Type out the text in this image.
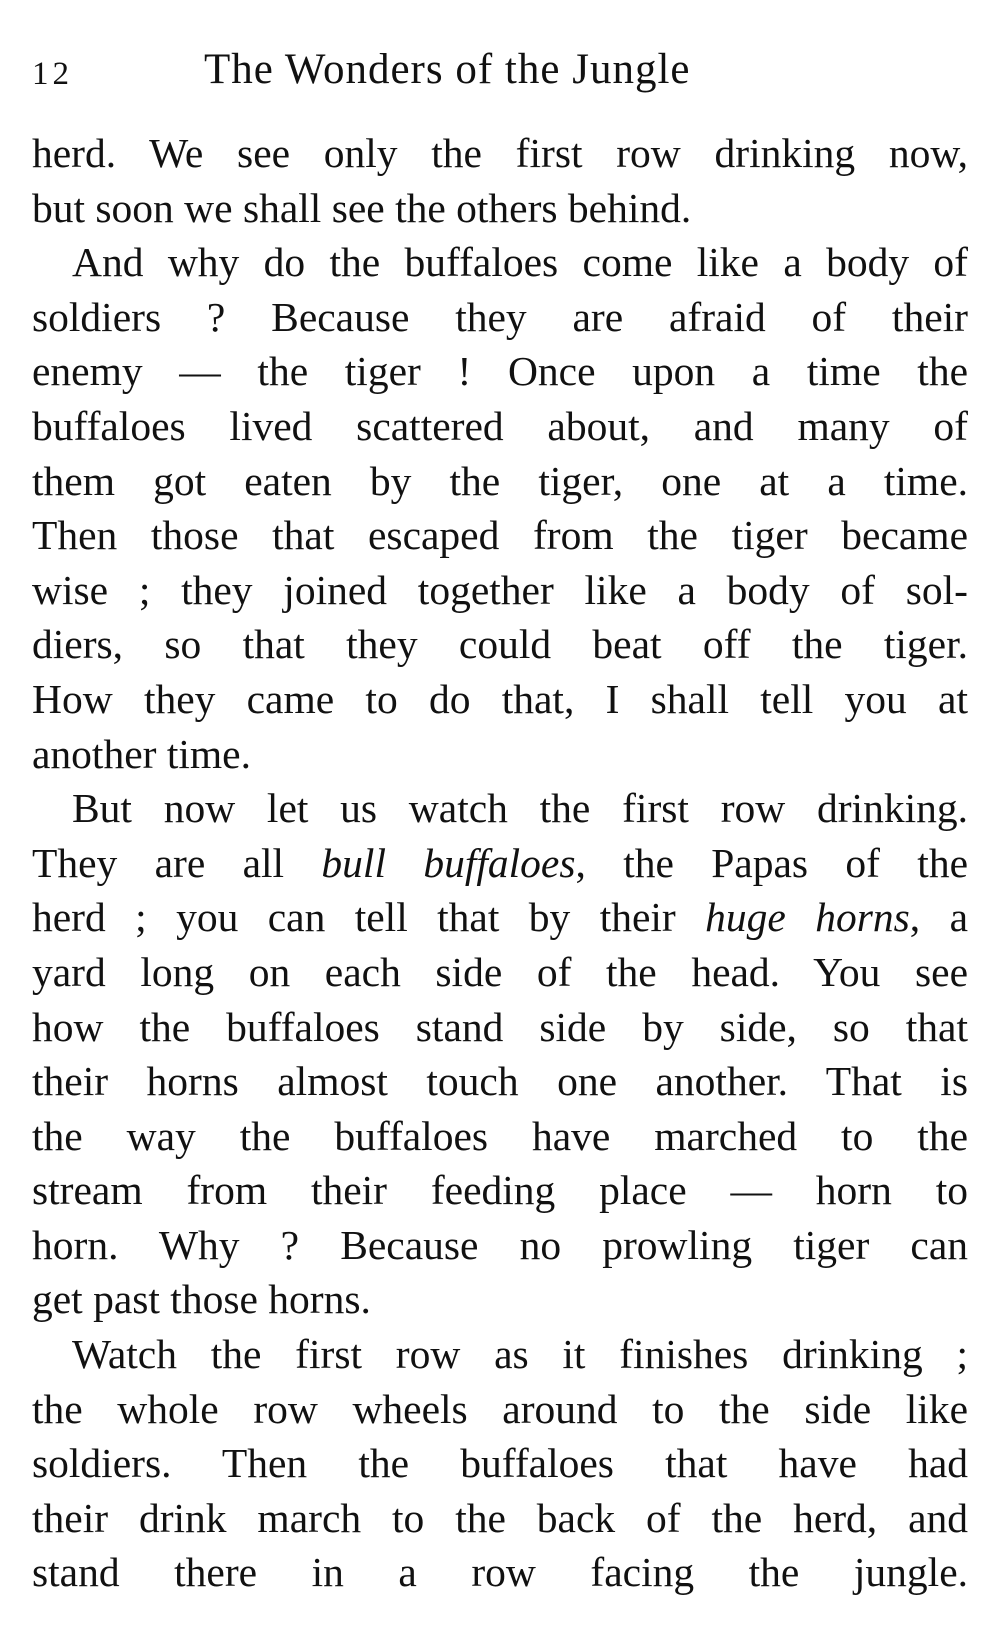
12	The Wonders of the Jungle
herd. We see only the first row drinking now,
but soon we shall see the others behind.
And why do the buffaloes come like a body of
soldiers ? Because they are afraid of their
enemy — the tiger ! Once upon a time the
buffaloes lived scattered about, and many of
them got eaten by the tiger, one at a time.
Then those that escaped from the tiger became
wise ; they joined together like a body of sol-
diers, so that they could beat off the tiger.
How they came to do that, I shall tell you at
another time.
But now let us watch the first row drinking.
They are all bull buffaloes, the Papas of the
herd ; you can tell that by their huge horns, a
yard long on each side of the head. You see
how the buffaloes stand side by side, so that
their horns almost touch one another. That is
the way the buffaloes have marched to the
stream from their feeding place — horn to
horn. Why ? Because no prowling tiger can
get past those horns.
Watch the first row as it finishes drinking ;
the whole row wheels around to the side like
soldiers. Then the buffaloes that have had
their drink march to the back of the herd, and
stand there in a row facing the jungle.
